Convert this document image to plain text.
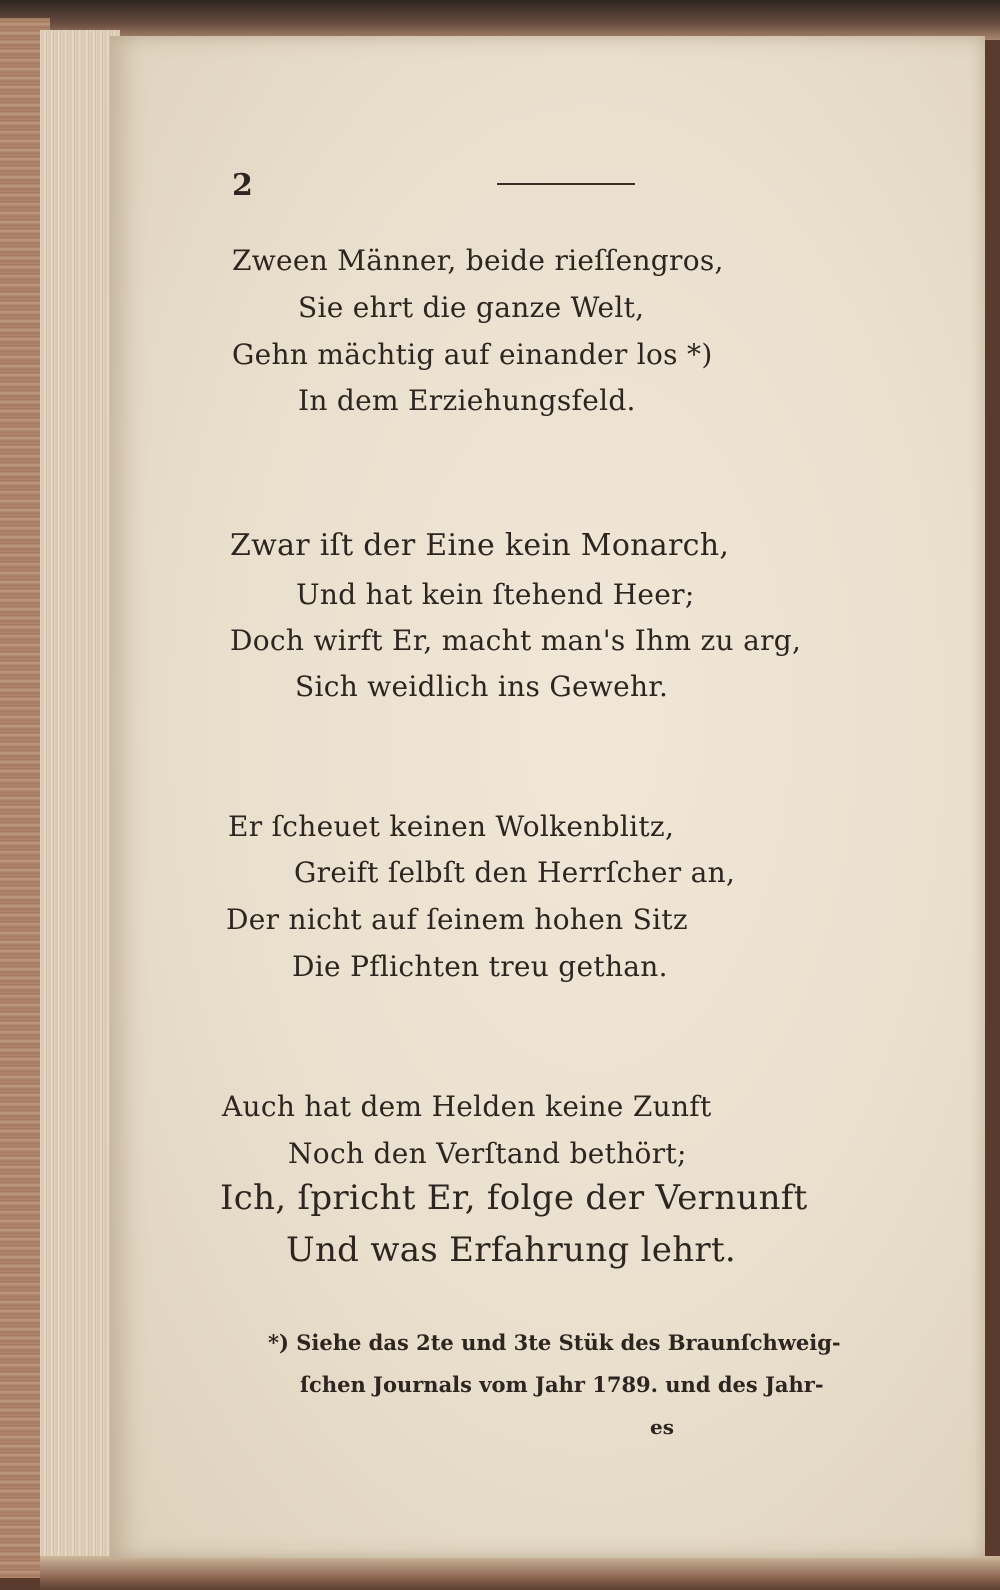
2
Zween Männer, beide rieſſengros,
Sie ehrt die ganze Welt,
Gehn mächtig auf einander los *)
In dem Erziehungsfeld.
Zwar iſt der Eine kein Monarch,
Und hat kein ſtehend Heer;
Doch wirft Er, macht man's Ihm zu arg,
Sich weidlich ins Gewehr.
Er ſcheuet keinen Wolkenblitz,
Greift ſelbſt den Herrſcher an,
Der nicht auf ſeinem hohen Sitz
Die Pflichten treu gethan.
Auch hat dem Helden keine Zunft
Noch den Verſtand bethört;
Ich, ſpricht Er, folge der Vernunft
Und was Erfahrung lehrt.
*) Siehe das 2te und 3te Stük des Braunſchweig-
ſchen Journals vom Jahr 1789. und des Jahr-
es
